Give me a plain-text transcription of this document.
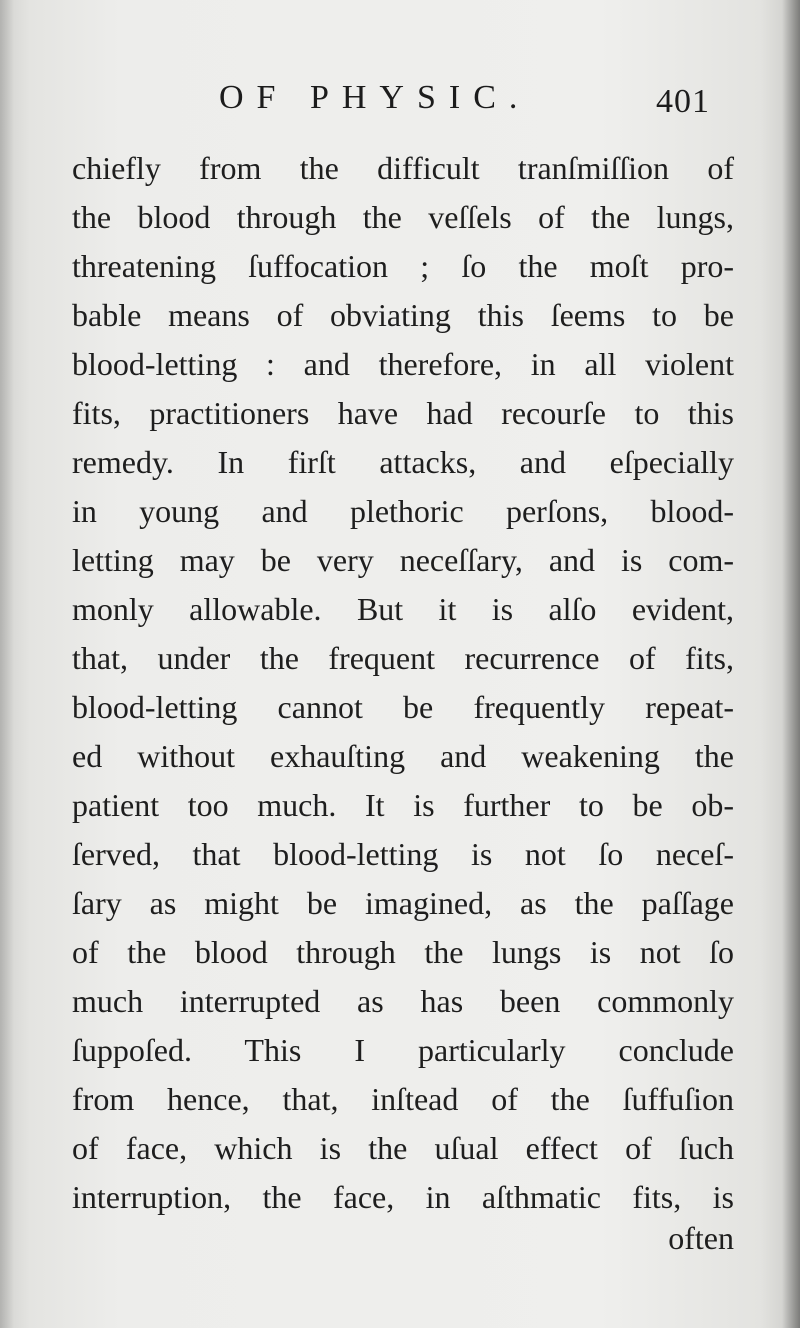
OF PHYSIC.	401
chiefly from the difficult tranſmiſſion of
the blood through the veſſels of the lungs,
threatening ſuffocation ; ſo the moſt pro-
bable means of obviating this ſeems to be
blood-letting : and therefore, in all violent
fits, practitioners have had recourſe to this
remedy. In firſt attacks, and eſpecially
in young and plethoric perſons, blood-
letting may be very neceſſary, and is com-
monly allowable. But it is alſo evident,
that, under the frequent recurrence of fits,
blood-letting cannot be frequently repeat-
ed without exhauſting and weakening the
patient too much. It is further to be ob-
ſerved, that blood-letting is not ſo neceſ-
ſary as might be imagined, as the paſſage
of the blood through the lungs is not ſo
much interrupted as has been commonly
ſuppoſed. This I particularly conclude
from hence, that, inſtead of the ſuffuſion
of face, which is the uſual effect of ſuch
interruption, the face, in aſthmatic fits, is
often
